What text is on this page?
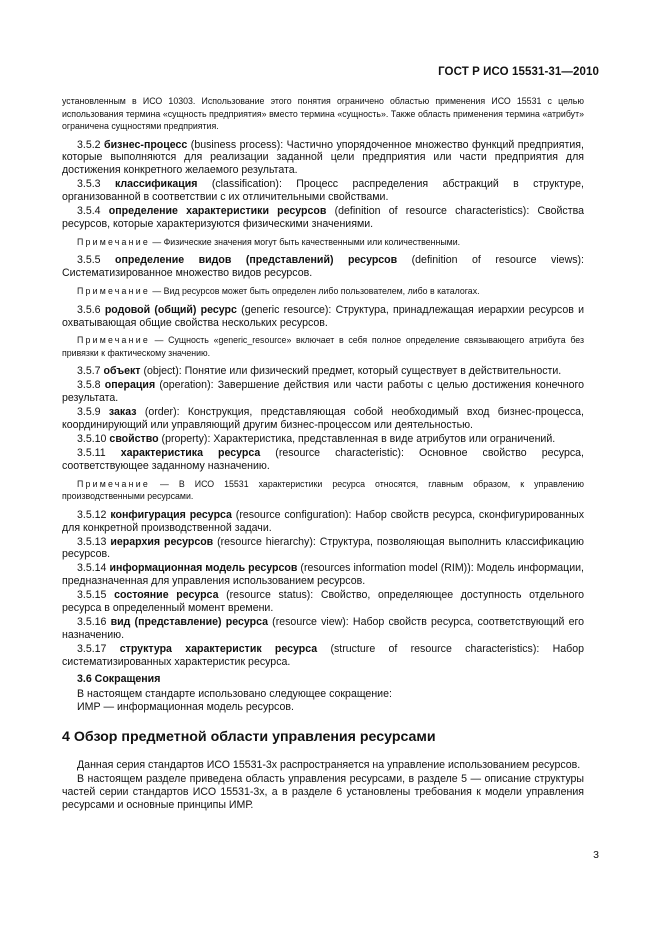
ГОСТ Р ИСО 15531-31—2010

установленным в ИСО 10303. Использование этого понятия ограничено областью применения ИСО 15531 с целью использования термина «сущность предприятия» вместо термина «сущность». Также область применения термина «атрибут» ограничена сущностями предприятия.

3.5.2 бизнес-процесс (business process): Частично упорядоченное множество функций предприятия, которые выполняются для реализации заданной цели предприятия или части предприятия для достижения конкретного желаемого результата.

3.5.3 классификация (classification): Процесс распределения абстракций в структуре, организованной в соответствии с их отличительными свойствами.

3.5.4 определение характеристики ресурсов (definition of resource characteristics): Свойства ресурсов, которые характеризуются физическими значениями.

Примечание — Физические значения могут быть качественными или количественными.

3.5.5 определение видов (представлений) ресурсов (definition of resource views): Систематизированное множество видов ресурсов.

Примечание — Вид ресурсов может быть определен либо пользователем, либо в каталогах.

3.5.6 родовой (общий) ресурс (generic resource): Структура, принадлежащая иерархии ресурсов и охватывающая общие свойства нескольких ресурсов.

Примечание — Сущность «generic_resource» включает в себя полное определение связывающего атрибута без привязки к фактическому значению.

3.5.7 объект (object): Понятие или физический предмет, который существует в действительности.

3.5.8 операция (operation): Завершение действия или части работы с целью достижения конечного результата.

3.5.9 заказ (order): Конструкция, представляющая собой необходимый вход бизнес-процесса, координирующий или управляющий другим бизнес-процессом или деятельностью.

3.5.10 свойство (property): Характеристика, представленная в виде атрибутов или ограничений.

3.5.11 характеристика ресурса (resource characteristic): Основное свойство ресурса, соответствующее заданному назначению.

Примечание — В ИСО 15531 характеристики ресурса относятся, главным образом, к управлению производственными ресурсами.

3.5.12 конфигурация ресурса (resource configuration): Набор свойств ресурса, сконфигурированных для конкретной производственной задачи.

3.5.13 иерархия ресурсов (resource hierarchy): Структура, позволяющая выполнить классификацию ресурсов.

3.5.14 информационная модель ресурсов (resources information model (RIM)): Модель информации, предназначенная для управления использованием ресурсов.

3.5.15 состояние ресурса (resource status): Свойство, определяющее доступность отдельного ресурса в определенный момент времени.

3.5.16 вид (представление) ресурса (resource view): Набор свойств ресурса, соответствующий его назначению.

3.5.17 структура характеристик ресурса (structure of resource characteristics): Набор систематизированных характеристик ресурса.

3.6 Сокращения

В настоящем стандарте использовано следующее сокращение:

ИМР — информационная модель ресурсов.

4 Обзор предметной области управления ресурсами

Данная серия стандартов ИСО 15531-3х распространяется на управление использованием ресурсов.

В настоящем разделе приведена область управления ресурсами, в разделе 5 — описание структуры частей серии стандартов ИСО 15531-3х, а в разделе 6 установлены требования к модели управления ресурсами и основные принципы ИМР.

3
